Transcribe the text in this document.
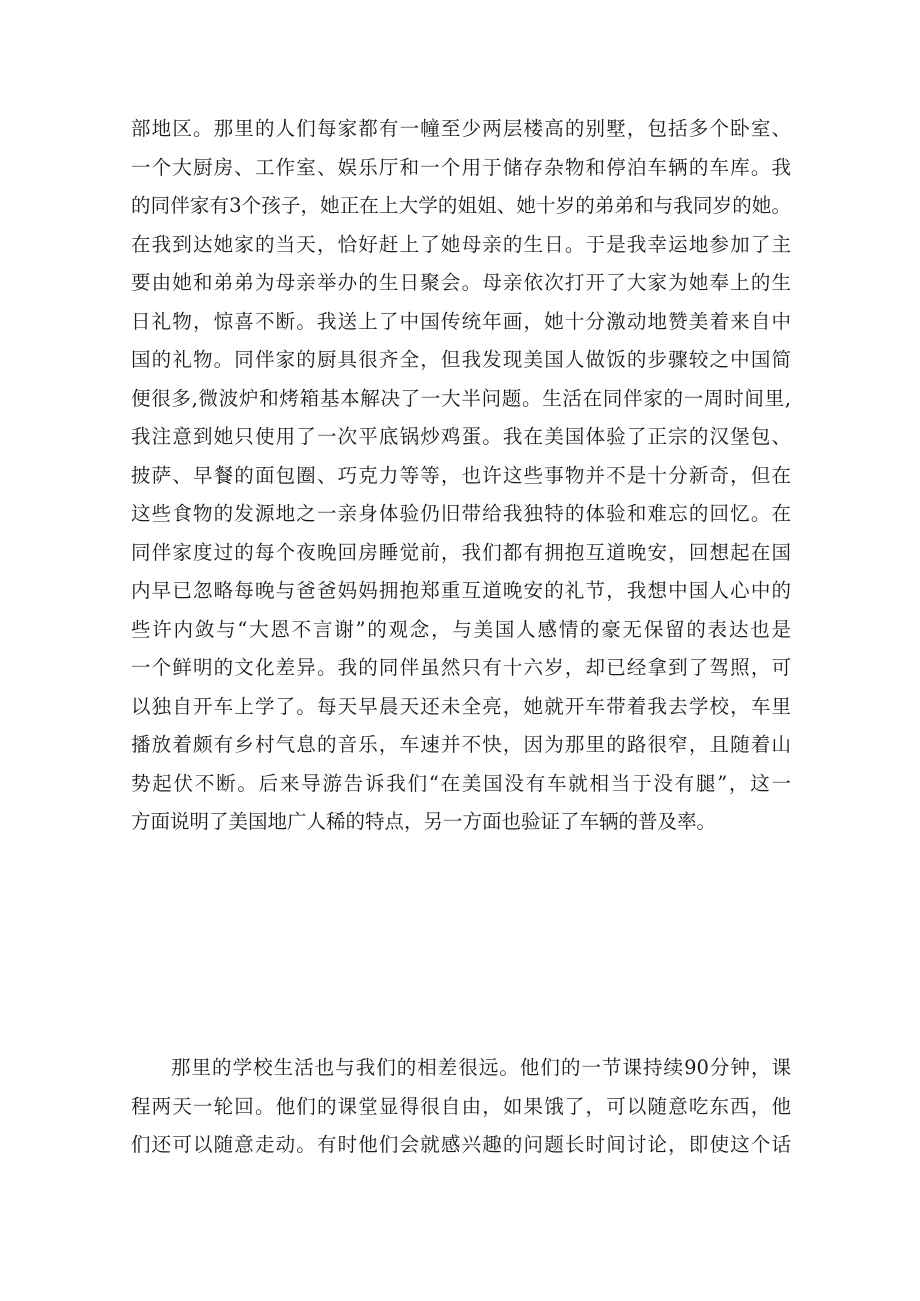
部地区。那里的人们每家都有一幢至少两层楼高的别墅，包括多个卧室、
一个大厨房、工作室、娱乐厅和一个用于储存杂物和停泊车辆的车库。我
的同伴家有3个孩子，她正在上大学的姐姐、她十岁的弟弟和与我同岁的她。
在我到达她家的当天，恰好赶上了她母亲的生日。于是我幸运地参加了主
要由她和弟弟为母亲举办的生日聚会。母亲依次打开了大家为她奉上的生
日礼物，惊喜不断。我送上了中国传统年画，她十分激动地赞美着来自中
国的礼物。同伴家的厨具很齐全，但我发现美国人做饭的步骤较之中国简
便很多,微波炉和烤箱基本解决了一大半问题。生活在同伴家的一周时间里,
我注意到她只使用了一次平底锅炒鸡蛋。我在美国体验了正宗的汉堡包、
披萨、早餐的面包圈、巧克力等等，也许这些事物并不是十分新奇，但在
这些食物的发源地之一亲身体验仍旧带给我独特的体验和难忘的回忆。在
同伴家度过的每个夜晚回房睡觉前，我们都有拥抱互道晚安，回想起在国
内早已忽略每晚与爸爸妈妈拥抱郑重互道晚安的礼节，我想中国人心中的
些许内敛与“大恩不言谢”的观念，与美国人感情的豪无保留的表达也是
一个鲜明的文化差异。我的同伴虽然只有十六岁，却已经拿到了驾照，可
以独自开车上学了。每天早晨天还未全亮，她就开车带着我去学校，车里
播放着颇有乡村气息的音乐，车速并不快，因为那里的路很窄，且随着山
势起伏不断。后来导游告诉我们“在美国没有车就相当于没有腿”，这一
方面说明了美国地广人稀的特点，另一方面也验证了车辆的普及率。
那里的学校生活也与我们的相差很远。他们的一节课持续90分钟，课
程两天一轮回。他们的课堂显得很自由，如果饿了，可以随意吃东西，他
们还可以随意走动。有时他们会就感兴趣的问题长时间讨论，即使这个话
